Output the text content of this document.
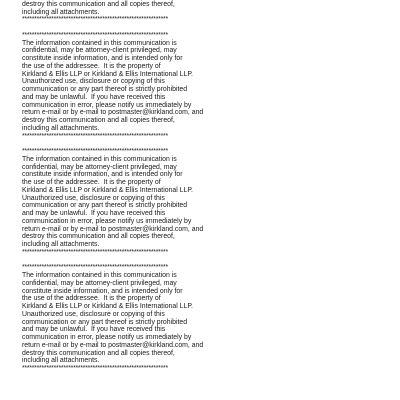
destroy this communication and all copies thereof,
including all attachments.
************************************************************
************************************************************
The information contained in this communication is
confidential, may be attorney-client privileged, may
constitute inside information, and is intended only for
the use of the addressee.  It is the property of
Kirkland & Ellis LLP or Kirkland & Ellis International LLP.
Unauthorized use, disclosure or copying of this
communication or any part thereof is strictly prohibited
and may be unlawful.  If you have received this
communication in error, please notify us immediately by
return e-mail or by e-mail to postmaster@kirkland.com, and
destroy this communication and all copies thereof,
including all attachments.
************************************************************
************************************************************
The information contained in this communication is
confidential, may be attorney-client privileged, may
constitute inside information, and is intended only for
the use of the addressee.  It is the property of
Kirkland & Ellis LLP or Kirkland & Ellis International LLP.
Unauthorized use, disclosure or copying of this
communication or any part thereof is strictly prohibited
and may be unlawful.  If you have received this
communication in error, please notify us immediately by
return e-mail or by e-mail to postmaster@kirkland.com, and
destroy this communication and all copies thereof,
including all attachments.
************************************************************
************************************************************
The information contained in this communication is
confidential, may be attorney-client privileged, may
constitute inside information, and is intended only for
the use of the addressee.  It is the property of
Kirkland & Ellis LLP or Kirkland & Ellis International LLP.
Unauthorized use, disclosure or copying of this
communication or any part thereof is strictly prohibited
and may be unlawful.  If you have received this
communication in error, please notify us immediately by
return e-mail or by e-mail to postmaster@kirkland.com, and
destroy this communication and all copies thereof,
including all attachments.
************************************************************
